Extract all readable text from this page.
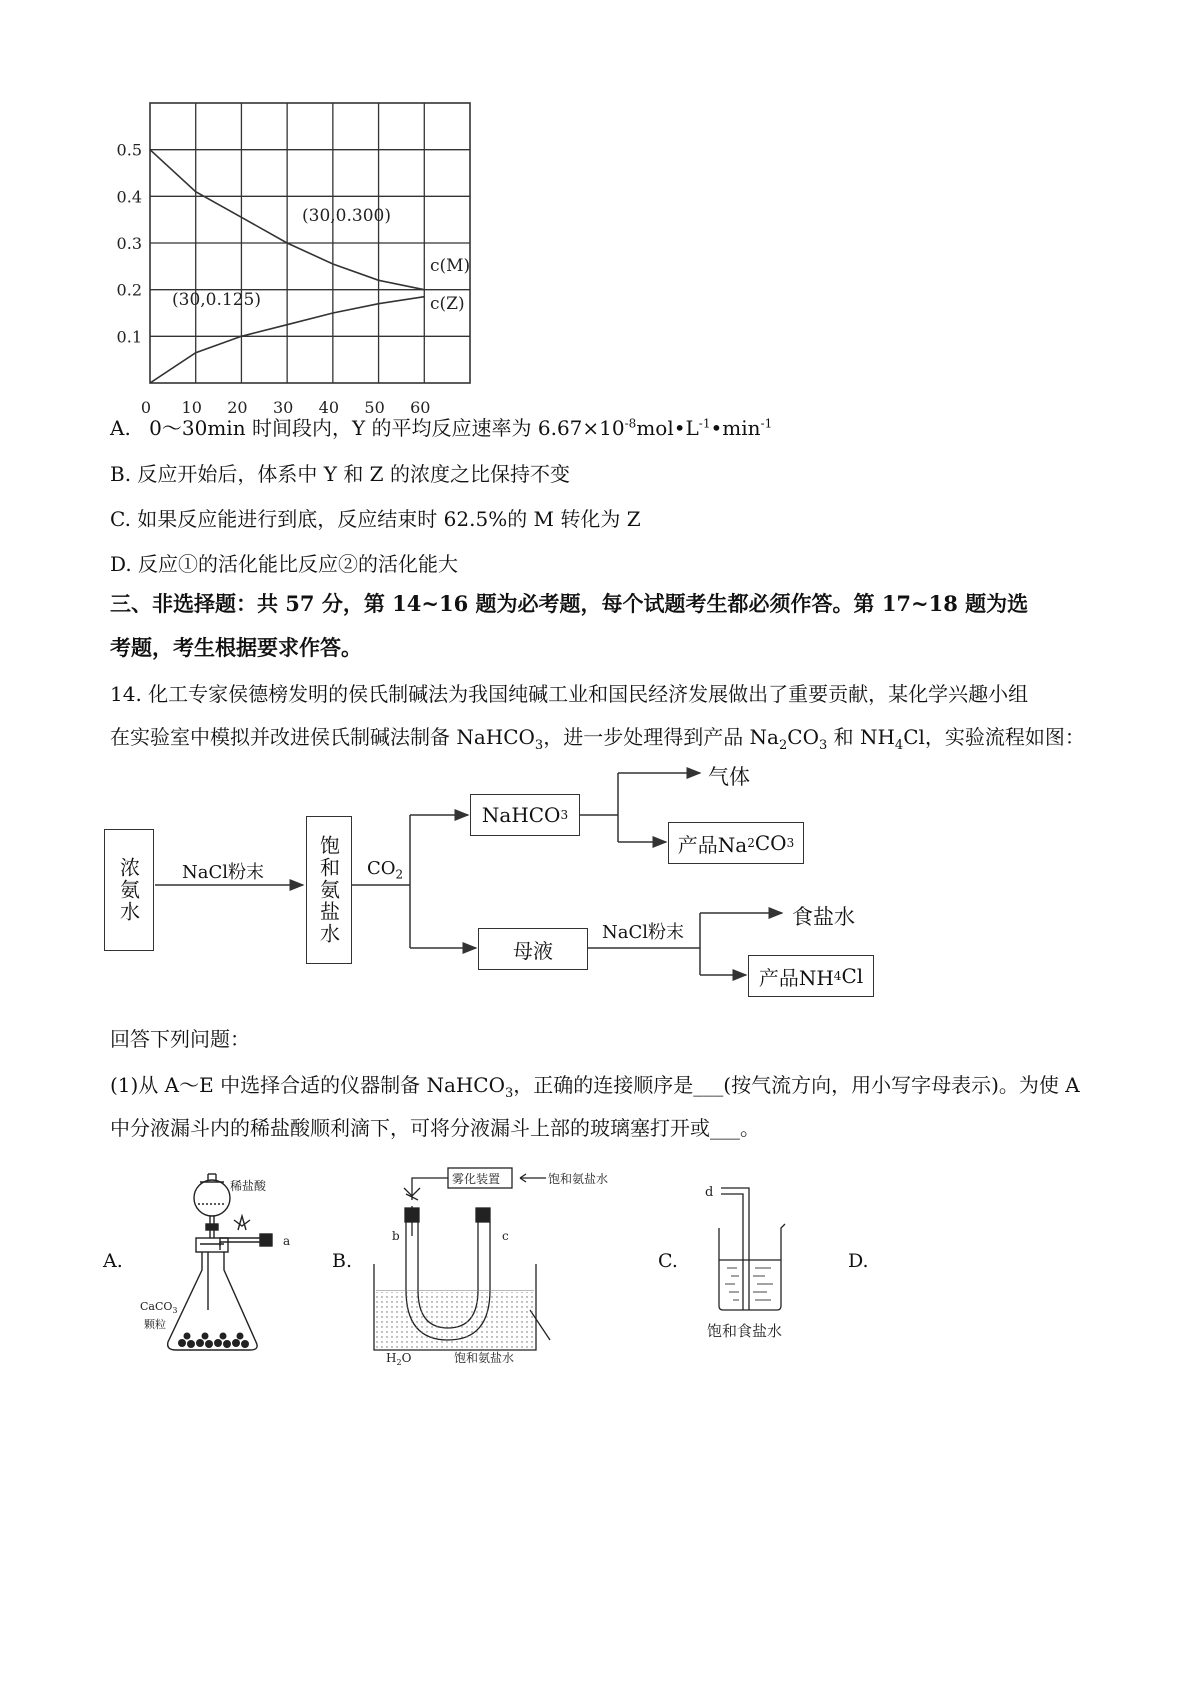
0.1
0.2
0.3
0.4
0.5
0 10 20 30 40 50 60
(30,0.300)
(30,0.125)
c(M)
c(Z)
A. 0～30min 时间段内，Y 的平均反应速率为 $6.67\times 10^{-8}mol•L^{-1}•\min^{-1}$
B. 反应开始后，体系中 Y 和 Z 的浓度之比保持不变
C. 如果反应能进行到底，反应结束时 62.5%的 M 转化为 Z
D. 反应①的活化能比反应②的活化能大
三、非选择题：共 57 分，第 14~16 题为必考题，每个试题考生都必须作答。第 17~18 题为选
考题，考生根据要求作答。
14. 化工专家侯德榜发明的侯氏制碱法为我国纯碱工业和国民经济发展做出了重要贡献，某化学兴趣小组
在实验室中模拟并改进侯氏制碱法制备 NaHCO$_3$，进一步处理得到产品 $Na_2CO_3$ 和 $NH_4Cl$，实验流程如图：
浓氨水 NaCl粉末	饱和氨盐水 $CO_2$
NaHCO 3
气体
产品Na 2 CO 3
母液
NaCl粉末
食盐水
产品NH 4 Cl
回答下列问题：
(1)从 A～E 中选择合适的仪器制备 NaHCO$_3$，正确的连接顺序是___(按气流方向，用小写字母表示)。为使 A
中分液漏斗内的稀盐酸顺利滴下，可将分液漏斗上部的玻璃塞打开或___。
A.	B.	C.	D.
稀盐酸
a
CaCO$_3$
颗粒
雾化装置	饱和氨盐水
b	c
$H_2O$	饱和氨盐水
d
饱和食盐水
